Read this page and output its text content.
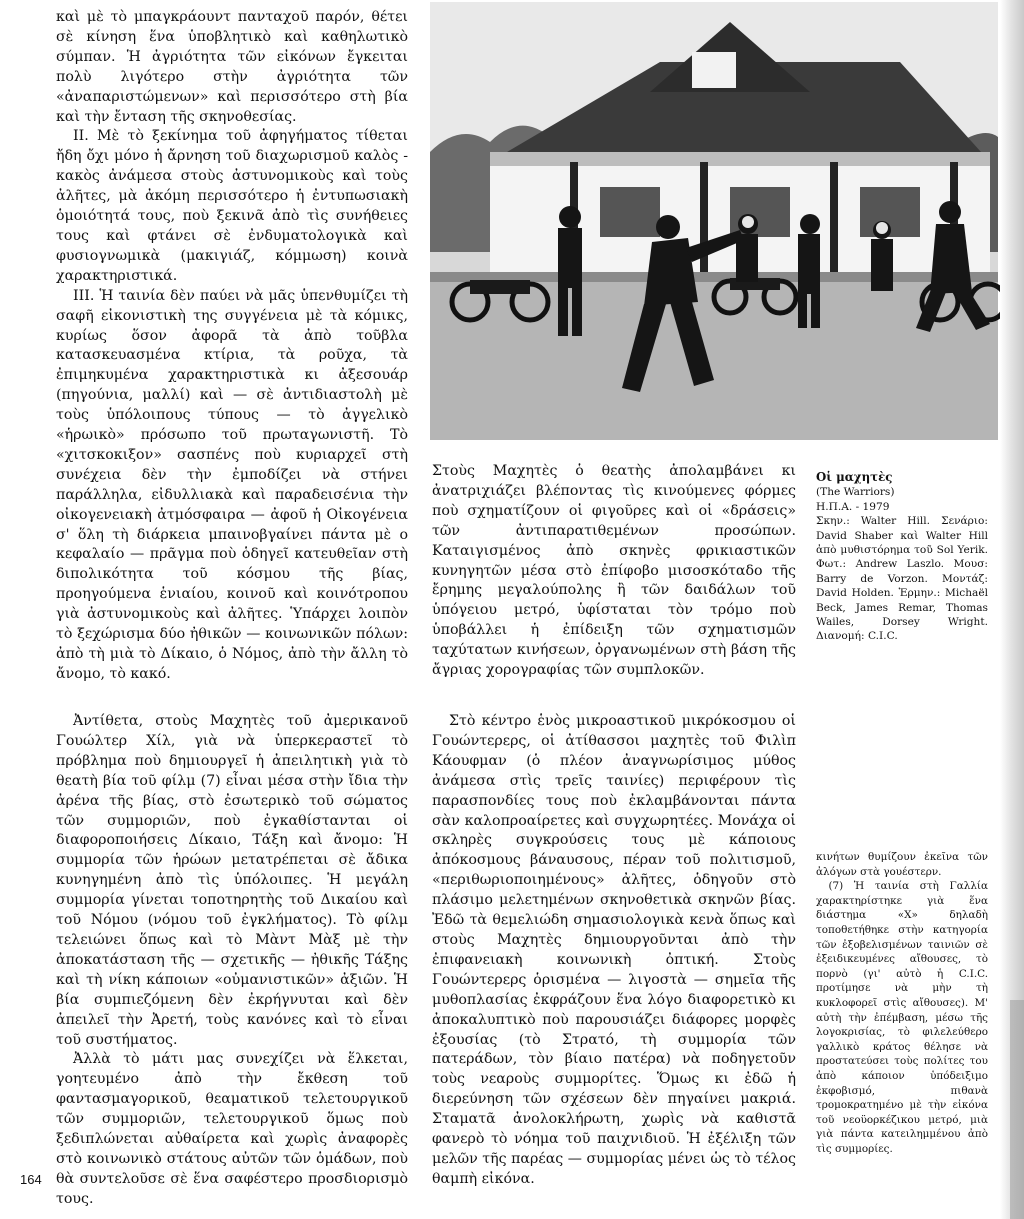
καὶ μὲ τὸ μπαγκράουντ πανταχοῦ παρόν, θέτει σὲ κίνηση ἕνα ὑποβλητικὸ καὶ καθηλωτικὸ σύμπαν. Ἡ ἀγριότητα τῶν εἰκόνων ἔγκειται πολὺ λιγότερο στὴν ἀγριότητα τῶν «ἀναπαριστώμενων» καὶ περισσότερο στὴ βία καὶ τὴν ἔνταση τῆς σκηνοθεσίας.

II. Μὲ τὸ ξεκίνημα τοῦ ἀφηγήματος τίθεται ἤδη ὄχι μόνο ἡ ἄρνηση τοῦ διαχωρισμοῦ καλὸς - κακὸς ἀνάμεσα στοὺς ἀστυνομικοὺς καὶ τοὺς ἀλῆτες, μὰ ἀκόμη περισσότερο ἡ ἐντυπωσιακὴ ὁμοιότητά τους, ποὺ ξεκινᾶ ἀπὸ τὶς συνήθειες τους καὶ φτάνει σὲ ἐνδυματολογικὰ καὶ φυσιογνωμικὰ (μακιγιάζ, κόμμωση) κοινὰ χαρακτηριστικά.

III. Ἡ ταινία δὲν παύει νὰ μᾶς ὑπενθυμίζει τὴ σαφῆ εἰκονιστικὴ της συγγένεια μὲ τὰ κόμικς, κυρίως ὅσον ἀφορᾶ τὰ ἀπὸ τοῦβλα κατασκευασμένα κτίρια, τὰ ροῦχα, τὰ ἐπιμηκυμένα χαρακτηριστικὰ κι ἀξεσουάρ (πηγούνια, μαλλί) καὶ — σὲ ἀντιδιαστολὴ μὲ τοὺς ὑπόλοιπους τύπους — τὸ ἀγγελικὸ «ἡρωικὸ» πρόσωπο τοῦ πρωταγωνιστῆ. Τὸ «χιτσκοκιξον» σασπένς ποὺ κυριαρχεῖ στὴ συνέχεια δὲν τὴν ἐμποδίζει νὰ στήνει παράλληλα, εἰδυλλιακὰ καὶ παραδεισένια τὴν οἰκογενειακὴ ἀτμόσφαιρα — ἀφοῦ ἡ Οἰκογένεια σ' ὅλη τὴ διάρκεια μπαινοβγαίνει πάντα μὲ ο κεφαλαίο — πρᾶγμα ποὺ ὁδηγεῖ κατευθεῖαν στὴ διπολικότητα τοῦ κόσμου τῆς βίας, προηγούμενα ἑνιαίου, κοινοῦ καὶ κοινότροπου γιὰ ἀστυνομικοὺς καὶ ἀλῆτες. Ὑπάρχει λοιπὸν τὸ ξεχώρισμα δύο ἠθικῶν — κοινωνικῶν πόλων: ἀπὸ τὴ μιὰ τὸ Δίκαιο, ὁ Νόμος, ἀπὸ τὴν ἄλλη τὸ ἄνομο, τὸ κακό.

Στοὺς Μαχητὲς ὁ θεατὴς ἀπολαμβάνει κι ἀνατριχιάζει βλέποντας τὶς κινούμενες φόρμες ποὺ σχηματίζουν οἱ φιγοῦρες καὶ οἱ «δράσεις» τῶν ἀντιπαρατιθεμένων προσώπων. Καταιγισμένος ἀπὸ σκηνὲς φρικιαστικῶν κυνηγητῶν μέσα στὸ ἐπίφοβο μισοσκόταδο τῆς ἔρημης μεγαλούπολης ἢ τῶν δαιδάλων τοῦ ὑπόγειου μετρό, ὑφίσταται τὸν τρόμο ποὺ ὑποβάλλει ἡ ἐπίδειξη τῶν σχηματισμῶν ταχύτατων κινήσεων, ὀργανωμένων στὴ βάση τῆς ἄγριας χορογραφίας τῶν συμπλοκῶν.

Οἱ μαχητὲς
(The Warriors)
Η.Π.Α. - 1979
Σκην.: Walter Hill. Σενάριο: David Shaber καὶ Walter Hill ἀπὸ μυθιστόρημα τοῦ Sol Yerik. Φωτ.: Andrew Laszlo. Μουσ: Barry de Vorzon. Μοντάζ: David Holden. Ἑρμην.: Michaël Beck, James Remar, Thomas Wailes, Dorsey Wright. Διανομή: C.I.C.

Ἀντίθετα, στοὺς Μαχητὲς τοῦ ἀμερικανοῦ Γουώλτερ Χίλ, γιὰ νὰ ὑπερκεραστεῖ τὸ πρόβλημα ποὺ δημιουργεῖ ἡ ἀπειλητικὴ γιὰ τὸ θεατὴ βία τοῦ φίλμ (7) εἶναι μέσα στὴν ἴδια τὴν ἀρένα τῆς βίας, στὸ ἐσωτερικὸ τοῦ σώματος τῶν συμμοριῶν, ποὺ ἐγκαθίστανται οἱ διαφοροποιήσεις Δίκαιο, Τάξη καὶ ἄνομο: Ἡ συμμορία τῶν ἡρώων μετατρέπεται σὲ ἄδικα κυνηγημένη ἀπὸ τὶς ὑπόλοιπες. Ἡ μεγάλη συμμορία γίνεται τοποτηρητὴς τοῦ Δικαίου καὶ τοῦ Νόμου (νόμου τοῦ ἐγκλήματος). Τὸ φίλμ τελειώνει ὅπως καὶ τὸ Μὰντ Μὰξ μὲ τὴν ἀποκατάσταση τῆς — σχετικῆς — ἠθικῆς Τάξης καὶ τὴ νίκη κάποιων «οὐμανιστικῶν» ἀξιῶν. Ἡ βία συμπιεζόμενη δὲν ἐκρήγνυται καὶ δὲν ἀπειλεῖ τὴν Ἀρετή, τοὺς κανόνες καὶ τὸ εἶναι τοῦ συστήματος.

Ἀλλὰ τὸ μάτι μας συνεχίζει νὰ ἕλκεται, γοητευμένο ἀπὸ τὴν ἔκθεση τοῦ φαντασμαγορικοῦ, θεαματικοῦ τελετουργικοῦ τῶν συμμοριῶν, τελετουργικοῦ ὅμως ποὺ ξεδιπλώνεται αὐθαίρετα καὶ χωρὶς ἀναφορὲς στὸ κοινωνικὸ στάτους αὐτῶν τῶν ὁμάδων, ποὺ θὰ συντελοῦσε σὲ ἕνα σαφέστερο προσδιορισμὸ τους.

Στὸ κέντρο ἑνὸς μικροαστικοῦ μικρόκοσμου οἱ Γουώντερερς, οἱ ἀτίθασσοι μαχητὲς τοῦ Φιλὶπ Κάουφμαν (ὁ πλέον ἀναγνωρίσιμος μύθος ἀνάμεσα στὶς τρεῖς ταινίες) περιφέρουν τὶς παρασπονδίες τους ποὺ ἐκλαμβάνονται πάντα σὰν καλοπροαίρετες καὶ συγχωρητέες. Μονάχα οἱ σκληρὲς συγκρούσεις τους μὲ κάποιους ἀπόκοσμους βάναυσους, πέραν τοῦ πολιτισμοῦ, «περιθωριοποιημένους» ἀλῆτες, ὁδηγοῦν στὸ πλάσιμο μελετημένων σκηνοθετικὰ σκηνῶν βίας. Ἐδῶ τὰ θεμελιώδη σημασιολογικὰ κενὰ ὅπως καὶ στοὺς Μαχητὲς δημιουργοῦνται ἀπὸ τὴν ἐπιφανειακὴ κοινωνικὴ ὀπτική. Στοὺς Γουώντερερς ὁρισμένα — λιγοστὰ — σημεῖα τῆς μυθοπλασίας ἐκφράζουν ἕνα λόγο διαφορετικὸ κι ἀποκαλυπτικὸ ποὺ παρουσιάζει διάφορες μορφὲς ἐξουσίας (τὸ Στρατό, τὴ συμμορία τῶν πατεράδων, τὸν βίαιο πατέρα) νὰ ποδηγετοῦν τοὺς νεαροὺς συμμορίτες. Ὅμως κι ἐδῶ ἡ διερεύνηση τῶν σχέσεων δὲν πηγαίνει μακριά. Σταματᾶ ἀνολοκλήρωτη, χωρὶς νὰ καθιστᾶ φανερὸ τὸ νόημα τοῦ παιχνιδιοῦ. Ἡ ἐξέλιξη τῶν μελῶν τῆς παρέας — συμμορίας μένει ὡς τὸ τέλος θαμπὴ εἰκόνα.

κινήτων θυμίζουν ἐκεῖνα τῶν ἀλόγων στὰ γουέστερν.

(7) Ἡ ταινία στὴ Γαλλία χαρακτηρίστηκε γιὰ ἕνα διάστημα «Χ» δηλαδὴ τοποθετήθηκε στὴν κατηγορία τῶν ἐξοβελισμένων ταινιῶν σὲ ἐξειδικευμένες αἴθουσες, τὸ πορνὸ (γι' αὐτὸ ἡ C.I.C. προτίμησε νὰ μὴν τὴ κυκλοφορεῖ στὶς αἴθουσες). Μ' αὐτὴ τὴν ἐπέμβαση, μέσω τῆς λογοκρισίας, τὸ φιλελεύθερο γαλλικὸ κράτος θέλησε νὰ προστατεύσει τοὺς πολίτες του ἀπὸ κάποιον ὑπόδειξιμο ἐκφοβισμό, πιθανὰ τρομοκρατημένο μὲ τὴν εἰκόνα τοῦ νεοϋορκέζικου μετρό, μιὰ γιὰ πάντα κατειλημμένου ἀπὸ τὶς συμμορίες.

164
